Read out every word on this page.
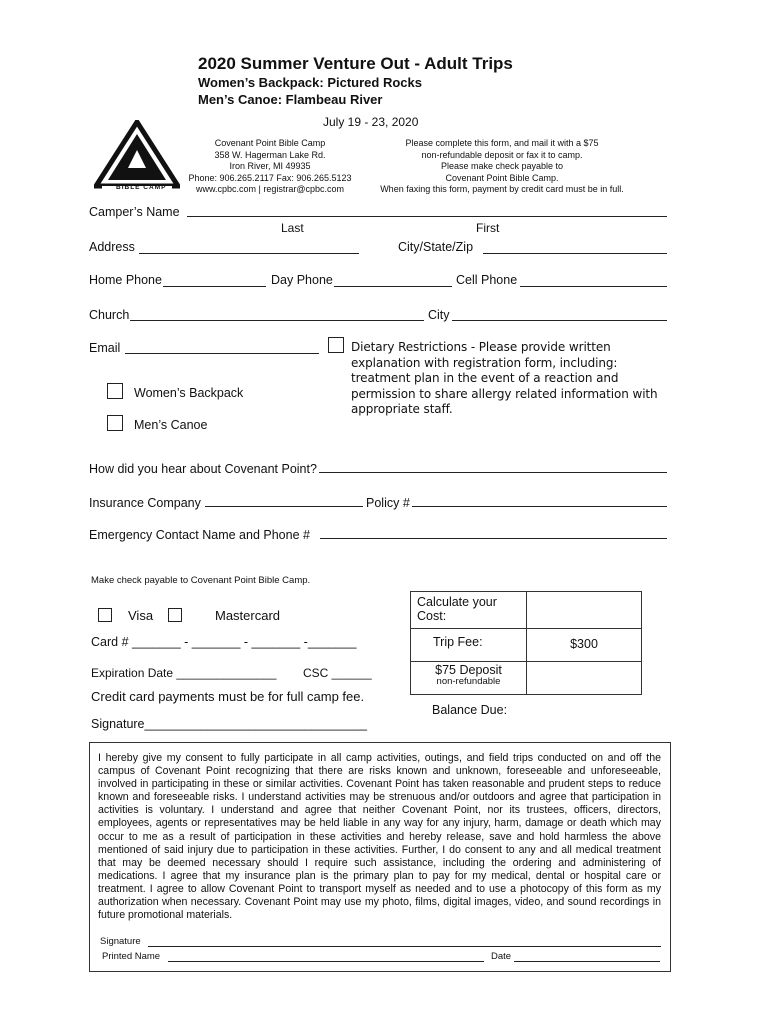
2020 Summer Venture Out - Adult Trips
Women’s Backpack: Pictured Rocks
Men’s Canoe: Flambeau River
July 19 - 23, 2020
BIBLE CAMP
Covenant Point Bible Camp
358 W. Hagerman Lake Rd.
Iron River, MI 49935
Phone: 906.265.2117 Fax: 906.265.5123
www.cpbc.com | registrar@cpbc.com
Please complete this form, and mail it with a $75
non-refundable deposit or fax it to camp.
Please make check payable to
Covenant Point Bible Camp.
When faxing this form, payment by credit card must be in full.
Camper’s Name
Last	First
Address	City/State/Zip
Home Phone	Day Phone	Cell Phone
Church	City
Email	Dietary Restrictions - Please provide written explanation with registration form, including: treatment plan in the event of a reaction and permission to share allergy related information with appropriate staff.
Women’s Backpack
Men’s Canoe
How did you hear about Covenant Point?
Insurance Company	Policy #
Emergency Contact Name and Phone #
Make check payable to Covenant Point Bible Camp.
Visa	Mastercard
Card # _______ - _______ - _______ -_______
Expiration Date _______________ CSC ______
Credit card payments must be for full camp fee.
Signature________________________________
Calculate your Cost:	
Trip Fee:	$300

$75 Deposit
non-refundable	

Balance Due:
I hereby give my consent to fully participate in all camp activities, outings, and field trips conducted on and off the campus of Covenant Point recognizing that there are risks known and unknown, foreseeable and unforeseeable, involved in participating in these or similar activities. Covenant Point has taken reasonable and prudent steps to reduce known and foreseeable risks. I understand activities may be strenuous and/or outdoors and agree that participation in activities is voluntary. I understand and agree that neither Covenant Point, nor its trustees, officers, directors, employees, agents or representatives may be held liable in any way for any injury, harm, damage or death which may occur to me as a result of participation in these activities and hereby release, save and hold harmless the above mentioned of said injury due to participation in these activities. Further, I do consent to any and all medical treatment that may be deemed necessary should I require such assistance, including the ordering and administering of medications. I agree that my insurance plan is the primary plan to pay for my medical, dental or hospital care or treatment. I agree to allow Covenant Point to transport myself as needed and to use a photocopy of this form as my authorization when necessary. Covenant Point may use my photo, films, digital images, video, and sound recordings in future promotional materials.
Signature
Printed Name	Date
